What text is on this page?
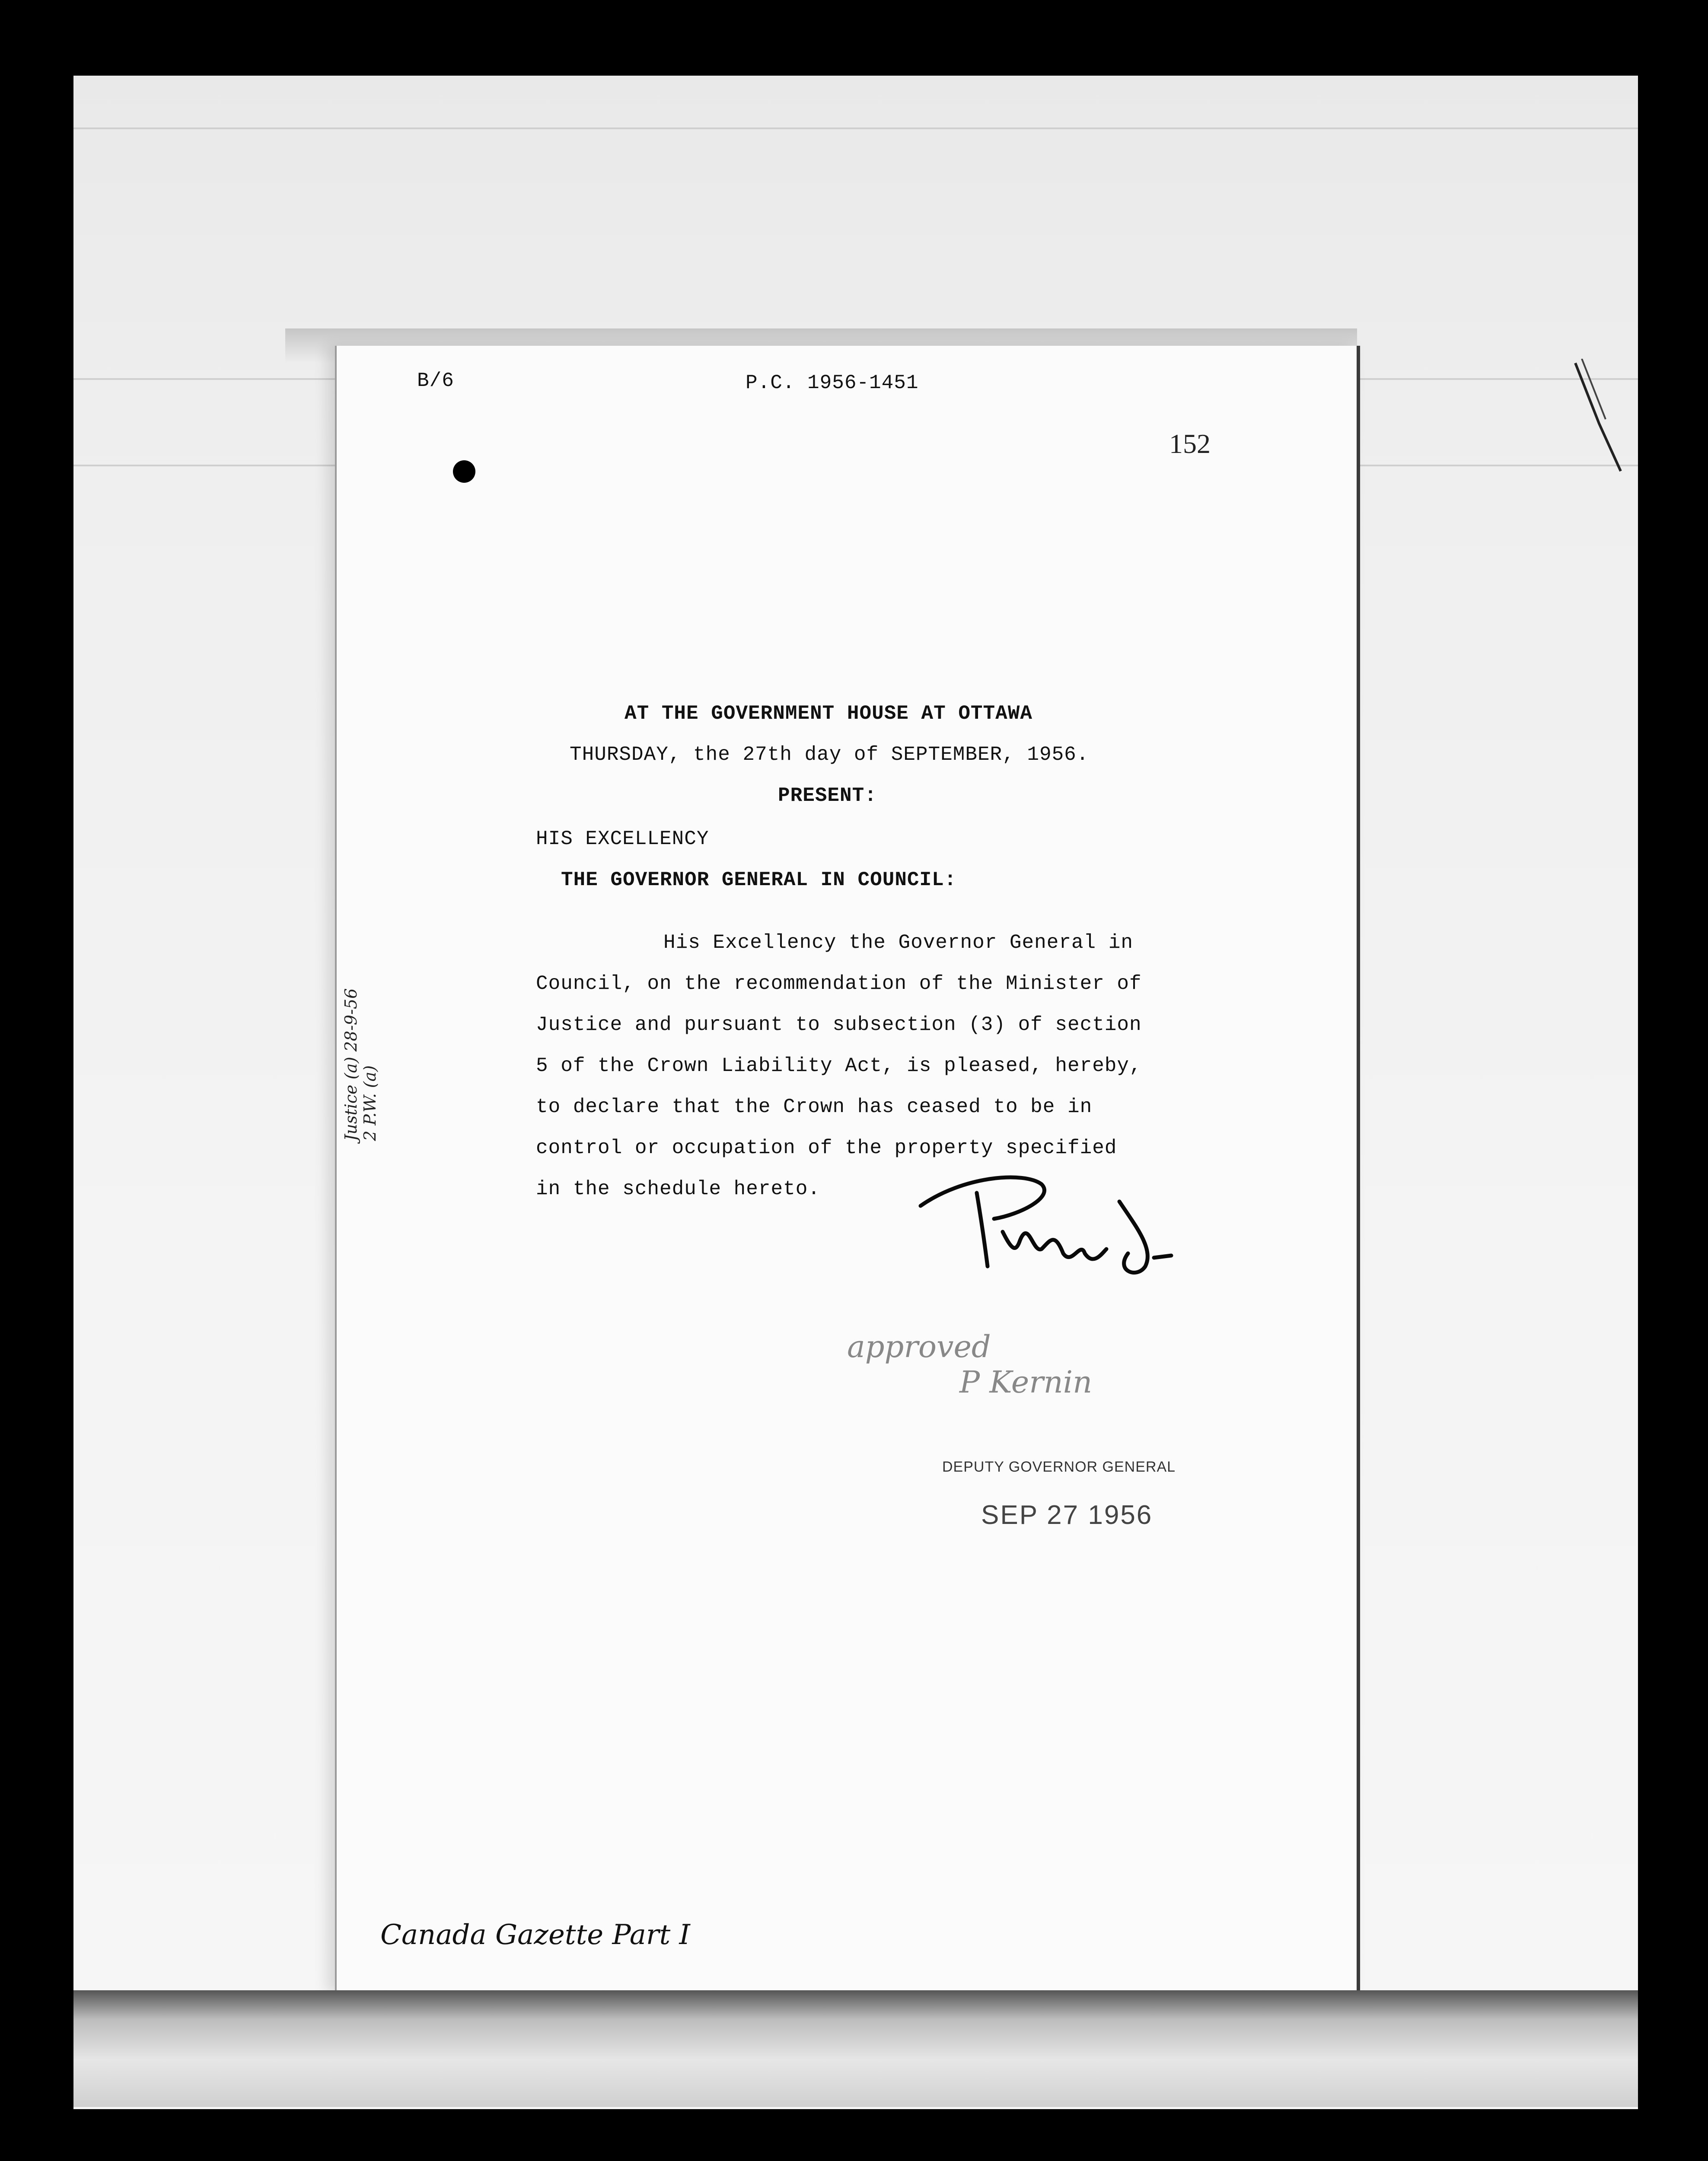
B/6	P.C. 1956-1451
152
AT THE GOVERNMENT HOUSE AT OTTAWA
THURSDAY, the 27th day of SEPTEMBER, 1956.
PRESENT:
HIS EXCELLENCY
THE GOVERNOR GENERAL IN COUNCIL:
His Excellency the Governor General in
Council, on the recommendation of the Minister of
Justice and pursuant to subsection (3) of section
5 of the Crown Liability Act, is pleased, hereby,
to declare that the Crown has ceased to be in
control or occupation of the property specified
in the schedule hereto.
Justice (a) 28-9-56 2 P.W. (a)
approved
P Kernin
DEPUTY GOVERNOR GENERAL
SEP 27 1956
Canada Gazette Part I
